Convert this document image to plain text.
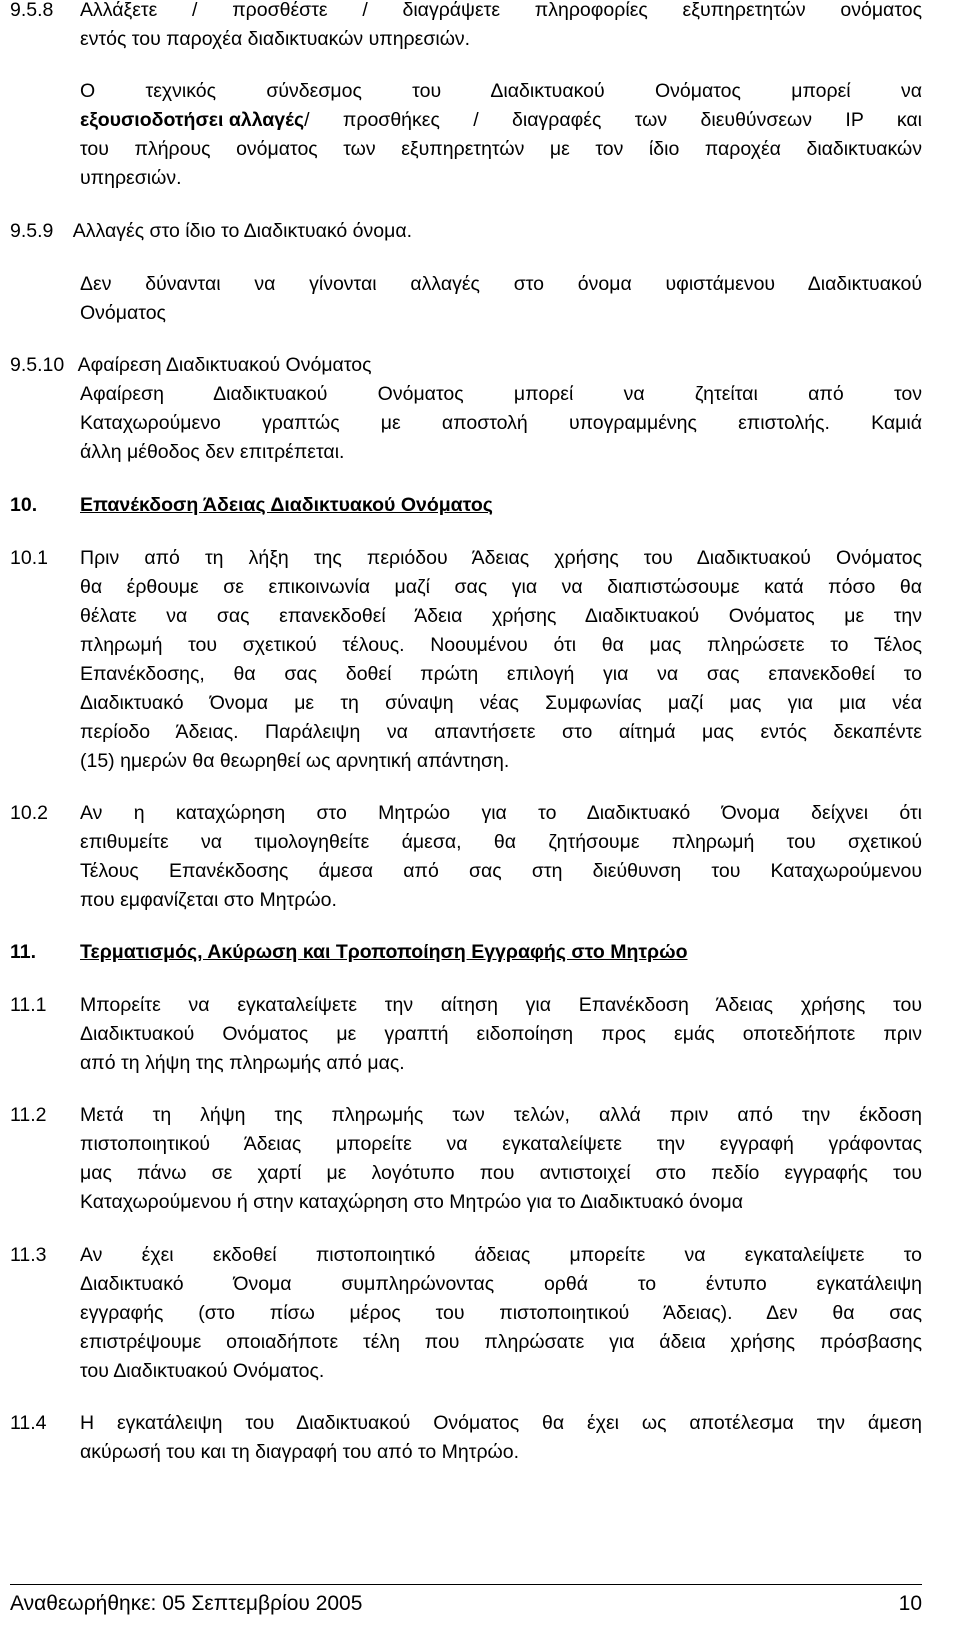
9.5.8 Αλλάξετε / προσθέστε / διαγράψετε πληροφορίες εξυπηρετητών ονόματος
εντός του παροχέα διαδικτυακών υπηρεσιών.
Ο τεχνικός σύνδεσμος του Διαδικτυακού Ονόματος μπορεί να
εξουσιοδοτήσει αλλαγές / προσθήκες / διαγραφές των διευθύνσεων IP και
του πλήρους ονόματος των εξυπηρετητών με τον ίδιο παροχέα διαδικτυακών
υπηρεσιών.
9.5.9 Αλλαγές στο ίδιο το Διαδικτυακό όνομα.
Δεν δύνανται να γίνονται αλλαγές στο όνομα υφιστάμενου Διαδικτυακού
Ονόματος
9.5.10 Αφαίρεση Διαδικτυακού Ονόματος
Αφαίρεση Διαδικτυακού Ονόματος μπορεί να ζητείται από τον
Καταχωρούμενο γραπτώς με αποστολή υπογραμμένης επιστολής. Καμιά
άλλη μέθοδος δεν επιτρέπεται.
10. Επανέκδοση Άδειας Διαδικτυακού Ονόματος
10.1 Πριν από τη λήξη της περιόδου Άδειας χρήσης του Διαδικτυακού Ονόματος
θα έρθουμε σε επικοινωνία μαζί σας για να διαπιστώσουμε κατά πόσο θα
θέλατε να σας επανεκδοθεί Άδεια χρήσης Διαδικτυακού Ονόματος με την
πληρωμή του σχετικού τέλους. Νοουμένου ότι θα μας πληρώσετε το Τέλος
Επανέκδοσης, θα σας δοθεί πρώτη επιλογή για να σας επανεκδοθεί το
Διαδικτυακό Όνομα με τη σύναψη νέας Συμφωνίας μαζί μας για μια νέα
περίοδο Άδειας. Παράλειψη να απαντήσετε στο αίτημά μας εντός δεκαπέντε
(15) ημερών θα θεωρηθεί ως αρνητική απάντηση.
10.2 Αν η καταχώρηση στο Μητρώο για το Διαδικτυακό Όνομα δείχνει ότι
επιθυμείτε να τιμολογηθείτε άμεσα, θα ζητήσουμε πληρωμή του σχετικού
Τέλους Επανέκδοσης άμεσα από σας στη διεύθυνση του Καταχωρούμενου
που εμφανίζεται στο Μητρώο.
11. Τερματισμός, Ακύρωση και Τροποποίηση Εγγραφής στο Μητρώο
11.1 Μπορείτε να εγκαταλείψετε την αίτηση για Επανέκδοση Άδειας χρήσης του
Διαδικτυακού Ονόματος με γραπτή ειδοποίηση προς εμάς οποτεδήποτε πριν
από τη λήψη της πληρωμής από μας.
11.2 Μετά τη λήψη της πληρωμής των τελών, αλλά πριν από την έκδοση
πιστοποιητικού Άδειας μπορείτε να εγκαταλείψετε την εγγραφή γράφοντας
μας πάνω σε χαρτί με λογότυπο που αντιστοιχεί στο πεδίο εγγραφής του
Καταχωρούμενου ή στην καταχώρηση στο Μητρώο για το Διαδικτυακό όνομα
11.3 Αν έχει εκδοθεί πιστοποιητικό άδειας μπορείτε να εγκαταλείψετε το
Διαδικτυακό Όνομα συμπληρώνοντας ορθά το έντυπο εγκατάλειψη
εγγραφής (στο πίσω μέρος του πιστοποιητικού Άδειας). Δεν θα σας
επιστρέψουμε οποιαδήποτε τέλη που πληρώσατε για άδεια χρήσης πρόσβασης
του Διαδικτυακού Ονόματος.
11.4 Η εγκατάλειψη του Διαδικτυακού Ονόματος θα έχει ως αποτέλεσμα την άμεση
ακύρωσή του και τη διαγραφή του από το Μητρώο.
Αναθεωρήθηκε: 05 Σεπτεμβρίου 2005	10
